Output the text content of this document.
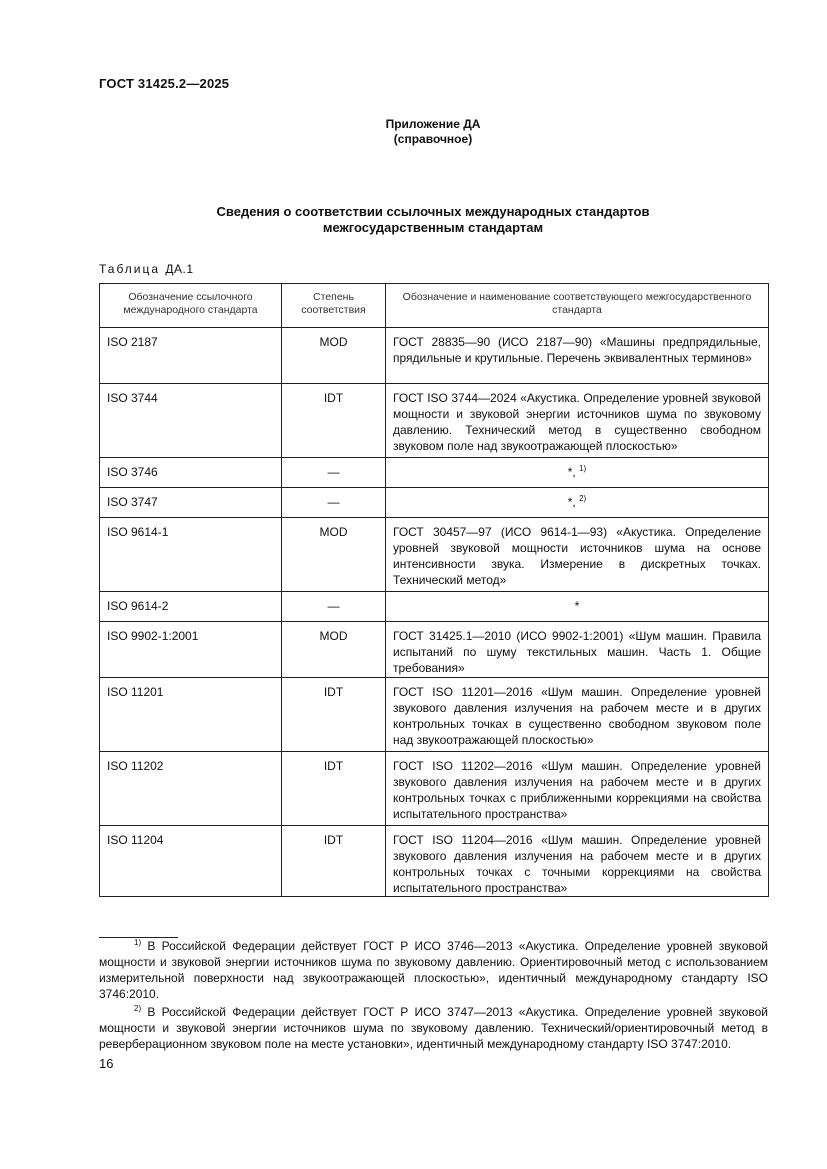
ГОСТ 31425.2—2025
Приложение ДА
(справочное)
Сведения о соответствии ссылочных международных стандартов
межгосударственным стандартам
Таблица ДА.1
Обозначение ссылочного международного стандарта	Степень соответствия	Обозначение и наименование соответствующего межгосударственного стандарта
ISO 2187	MOD	ГОСТ 28835—90 (ИСО 2187—90) «Машины предпрядильные, прядильные и крутильные. Перечень эквивалентных терминов»
ISO 3744	IDT	ГОСТ ISO 3744—2024 «Акустика. Определение уровней звуковой мощности и звуковой энергии источников шума по звуковому давлению. Технический метод в существенно свободном звуковом поле над звукоотражающей плоскостью»
ISO 3746	—	*, $^{1)}$
ISO 3747	—	*, $^{2)}$
ISO 9614-1	MOD	ГОСТ 30457—97 (ИСО 9614-1—93) «Акустика. Определение уровней звуковой мощности источников шума на основе интенсивности звука. Измерение в дискретных точках. Технический метод»
ISO 9614-2	—	*
ISO 9902-1:2001	MOD	ГОСТ 31425.1—2010 (ИСО 9902-1:2001) «Шум машин. Правила испытаний по шуму текстильных машин. Часть 1. Общие требования»
ISO 11201	IDT	ГОСТ ISO 11201—2016 «Шум машин. Определение уровней звукового давления излучения на рабочем месте и в других контрольных точках в существенно свободном звуковом поле над звукоотражающей плоскостью»
ISO 11202	IDT	ГОСТ ISO 11202—2016 «Шум машин. Определение уровней звукового давления излучения на рабочем месте и в других контрольных точках с приближенными коррекциями на свойства испытательного пространства»
ISO 11204	IDT	ГОСТ ISO 11204—2016 «Шум машин. Определение уровней звукового давления излучения на рабочем месте и в других контрольных точках с точными коррекциями на свойства испытательного пространства»

$^{1)}$ В Российской Федерации действует ГОСТ Р ИСО 3746—2013 «Акустика. Определение уровней звуковой мощности и звуковой энергии источников шума по звуковому давлению. Ориентировочный метод с использованием измерительной поверхности над звукоотражающей плоскостью», идентичный международному стандарту ISO 3746:2010.

$^{2)}$ В Российской Федерации действует ГОСТ Р ИСО 3747—2013 «Акустика. Определение уровней звуковой мощности и звуковой энергии источников шума по звуковому давлению. Технический/ориентировочный метод в реверберационном звуковом поле на месте установки», идентичный международному стандарту ISO 3747:2010.

16
